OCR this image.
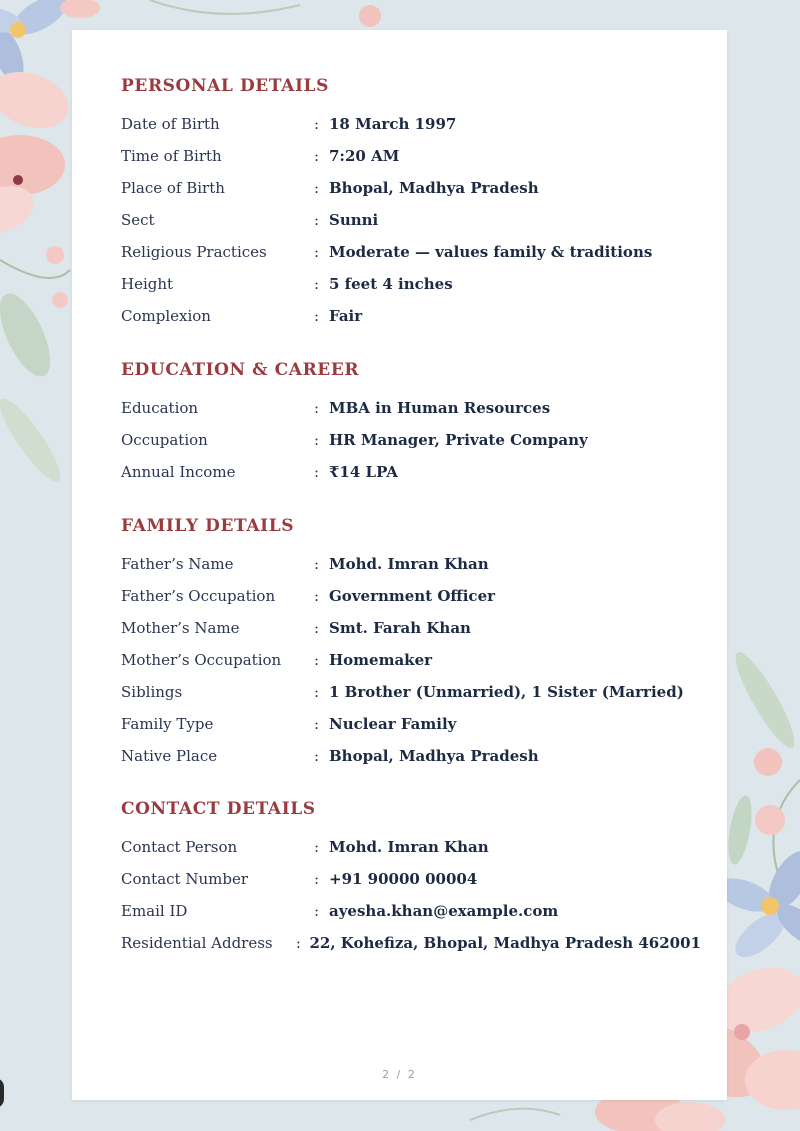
PERSONAL DETAILS
Date of Birth	: 18 March 1997
Time of Birth	: 7:20 AM
Place of Birth	: Bhopal, Madhya Pradesh
Sect	: Sunni
Religious Practices	: Moderate — values family & traditions
Height	: 5 feet 4 inches
Complexion	: Fair
EDUCATION & CAREER
Education	: MBA in Human Resources
Occupation	: HR Manager, Private Company
Annual Income	: ₹14 LPA
FAMILY DETAILS
Father’s Name	: Mohd. Imran Khan
Father’s Occupation	: Government Officer
Mother’s Name	: Smt. Farah Khan
Mother’s Occupation	: Homemaker
Siblings	: 1 Brother (Unmarried), 1 Sister (Married)
Family Type	: Nuclear Family
Native Place	: Bhopal, Madhya Pradesh
CONTACT DETAILS
Contact Person	: Mohd. Imran Khan
Contact Number	: +91 90000 00004
Email ID	: ayesha.khan@example.com
Residential Address	: 22, Kohefiza, Bhopal, Madhya Pradesh 462001
2 / 2
